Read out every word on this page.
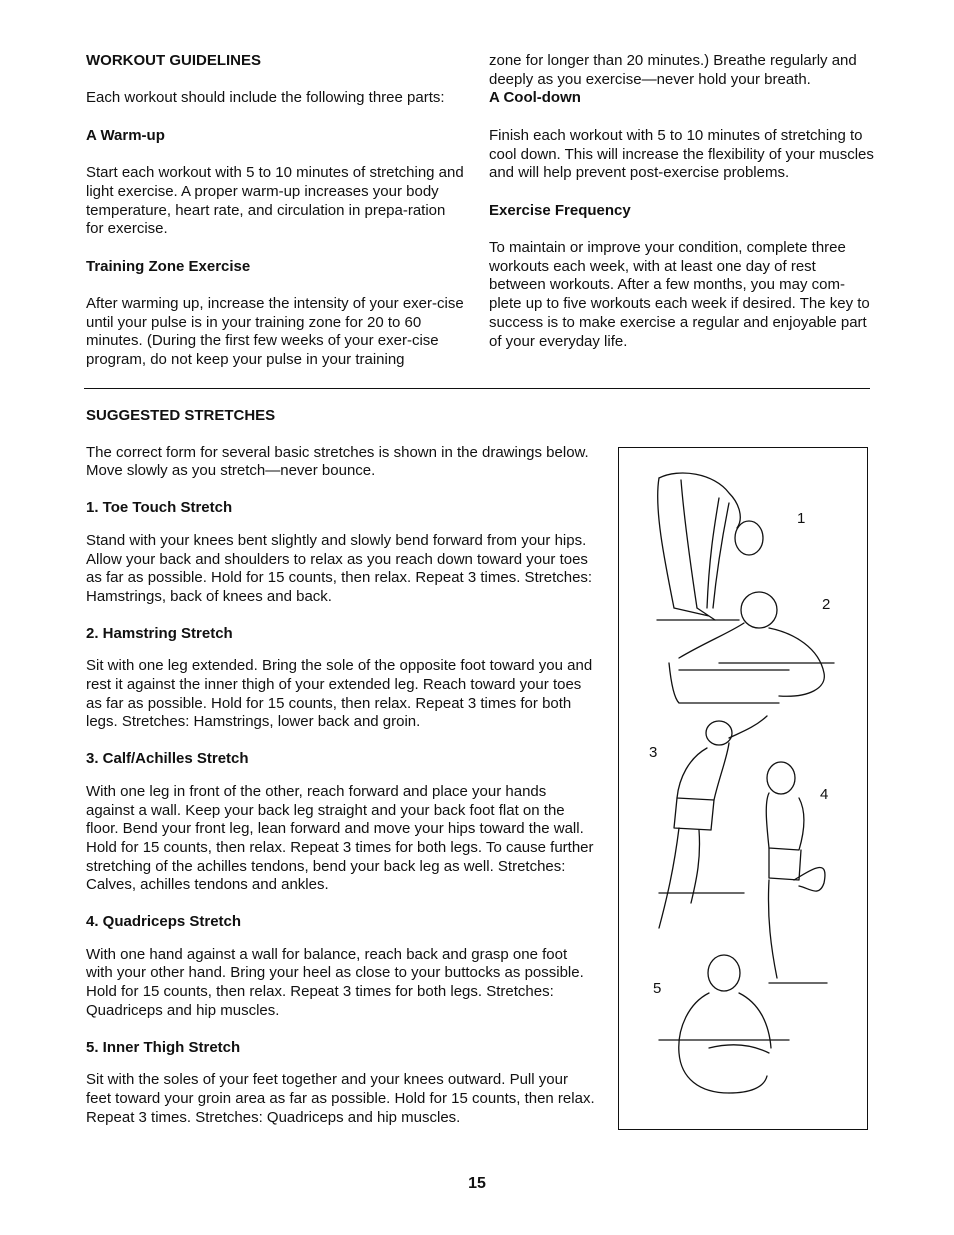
WORKOUT GUIDELINES

Each workout should include the following three parts:

A Warm-up

Start each workout with 5 to 10 minutes of stretching and light exercise. A proper warm-up increases your body temperature, heart rate, and circulation in prepa-ration for exercise.

Training Zone Exercise

After warming up, increase the intensity of your exer-cise until your pulse is in your training zone for 20 to 60 minutes. (During the first few weeks of your exer-cise program, do not keep your pulse in your training

zone for longer than 20 minutes.) Breathe regularly and deeply as you exercise—never hold your breath.

A Cool-down

Finish each workout with 5 to 10 minutes of stretching to cool down. This will increase the flexibility of your muscles and will help prevent post-exercise problems.

Exercise Frequency

To maintain or improve your condition, complete three workouts each week, with at least one day of rest between workouts. After a few months, you may com-plete up to five workouts each week if desired. The key to success is to make exercise a regular and enjoyable part of your everyday life.

SUGGESTED STRETCHES

The correct form for several basic stretches is shown in the drawings below. Move slowly as you stretch—never bounce.

1. Toe Touch Stretch

Stand with your knees bent slightly and slowly bend forward from your hips. Allow your back and shoulders to relax as you reach down toward your toes as far as possible. Hold for 15 counts, then relax. Repeat 3 times. Stretches: Hamstrings, back of knees and back.

2. Hamstring Stretch

Sit with one leg extended. Bring the sole of the opposite foot toward you and rest it against the inner thigh of your extended leg. Reach toward your toes as far as possible. Hold for 15 counts, then relax. Repeat 3 times for both legs. Stretches: Hamstrings, lower back and groin.

3. Calf/Achilles Stretch

With one leg in front of the other, reach forward and place your hands against a wall. Keep your back leg straight and your back foot flat on the floor. Bend your front leg, lean forward and move your hips toward the wall. Hold for 15 counts, then relax. Repeat 3 times for both legs. To cause further stretching of the achilles tendons, bend your back leg as well. Stretches: Calves, achilles tendons and ankles.

4. Quadriceps Stretch

With one hand against a wall for balance, reach back and grasp one foot with your other hand. Bring your heel as close to your buttocks as possible. Hold for 15 counts, then relax. Repeat 3 times for both legs. Stretches: Quadriceps and hip muscles.

5. Inner Thigh Stretch

Sit with the soles of your feet together and your knees outward. Pull your feet toward your groin area as far as possible. Hold for 15 counts, then relax. Repeat 3 times. Stretches: Quadriceps and hip muscles.

1
2
3
4
5
15
